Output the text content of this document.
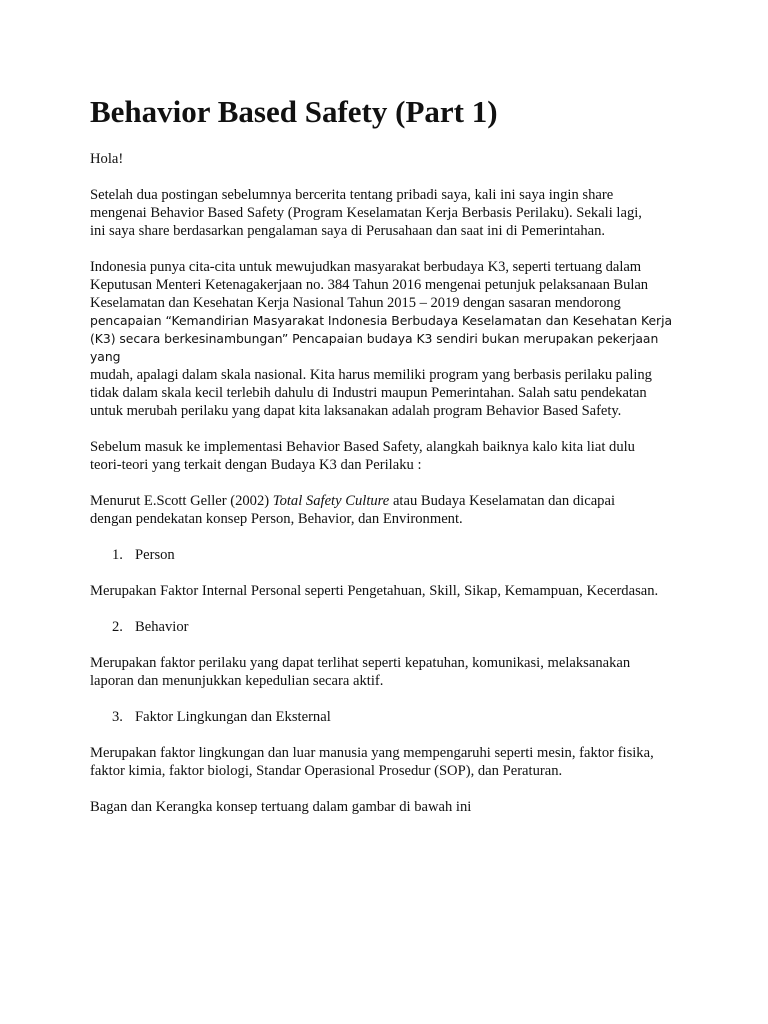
Behavior Based Safety (Part 1)

Hola!

Setelah dua postingan sebelumnya bercerita tentang pribadi saya, kali ini saya ingin share
mengenai Behavior Based Safety (Program Keselamatan Kerja Berbasis Perilaku). Sekali lagi,
ini saya share berdasarkan pengalaman saya di Perusahaan dan saat ini di Pemerintahan.

Indonesia punya cita-cita untuk mewujudkan masyarakat berbudaya K3, seperti tertuang dalam
Keputusan Menteri Ketenagakerjaan no. 384 Tahun 2016 mengenai petunjuk pelaksanaan Bulan
Keselamatan dan Kesehatan Kerja Nasional Tahun 2015 – 2019 dengan sasaran mendorong
pencapaian “Kemandirian Masyarakat Indonesia Berbudaya Keselamatan dan Kesehatan Kerja
(K3) secara berkesinambungan” Pencapaian budaya K3 sendiri bukan merupakan pekerjaan yang
mudah, apalagi dalam skala nasional. Kita harus memiliki program yang berbasis perilaku paling
tidak dalam skala kecil terlebih dahulu di Industri maupun Pemerintahan. Salah satu pendekatan
untuk merubah perilaku yang dapat kita laksanakan adalah program Behavior Based Safety.

Sebelum masuk ke implementasi Behavior Based Safety, alangkah baiknya kalo kita liat dulu
teori-teori yang terkait dengan Budaya K3 dan Perilaku :

Menurut E.Scott Geller (2002) Total Safety Culture atau Budaya Keselamatan dan dicapai
dengan pendekatan konsep Person, Behavior, dan Environment.

1. Person

Merupakan Faktor Internal Personal seperti Pengetahuan, Skill, Sikap, Kemampuan, Kecerdasan.

2. Behavior

Merupakan faktor perilaku yang dapat terlihat seperti kepatuhan, komunikasi, melaksanakan
laporan dan menunjukkan kepedulian secara aktif.

3. Faktor Lingkungan dan Eksternal

Merupakan faktor lingkungan dan luar manusia yang mempengaruhi seperti mesin, faktor fisika,
faktor kimia, faktor biologi, Standar Operasional Prosedur (SOP), dan Peraturan.

Bagan dan Kerangka konsep tertuang dalam gambar di bawah ini
